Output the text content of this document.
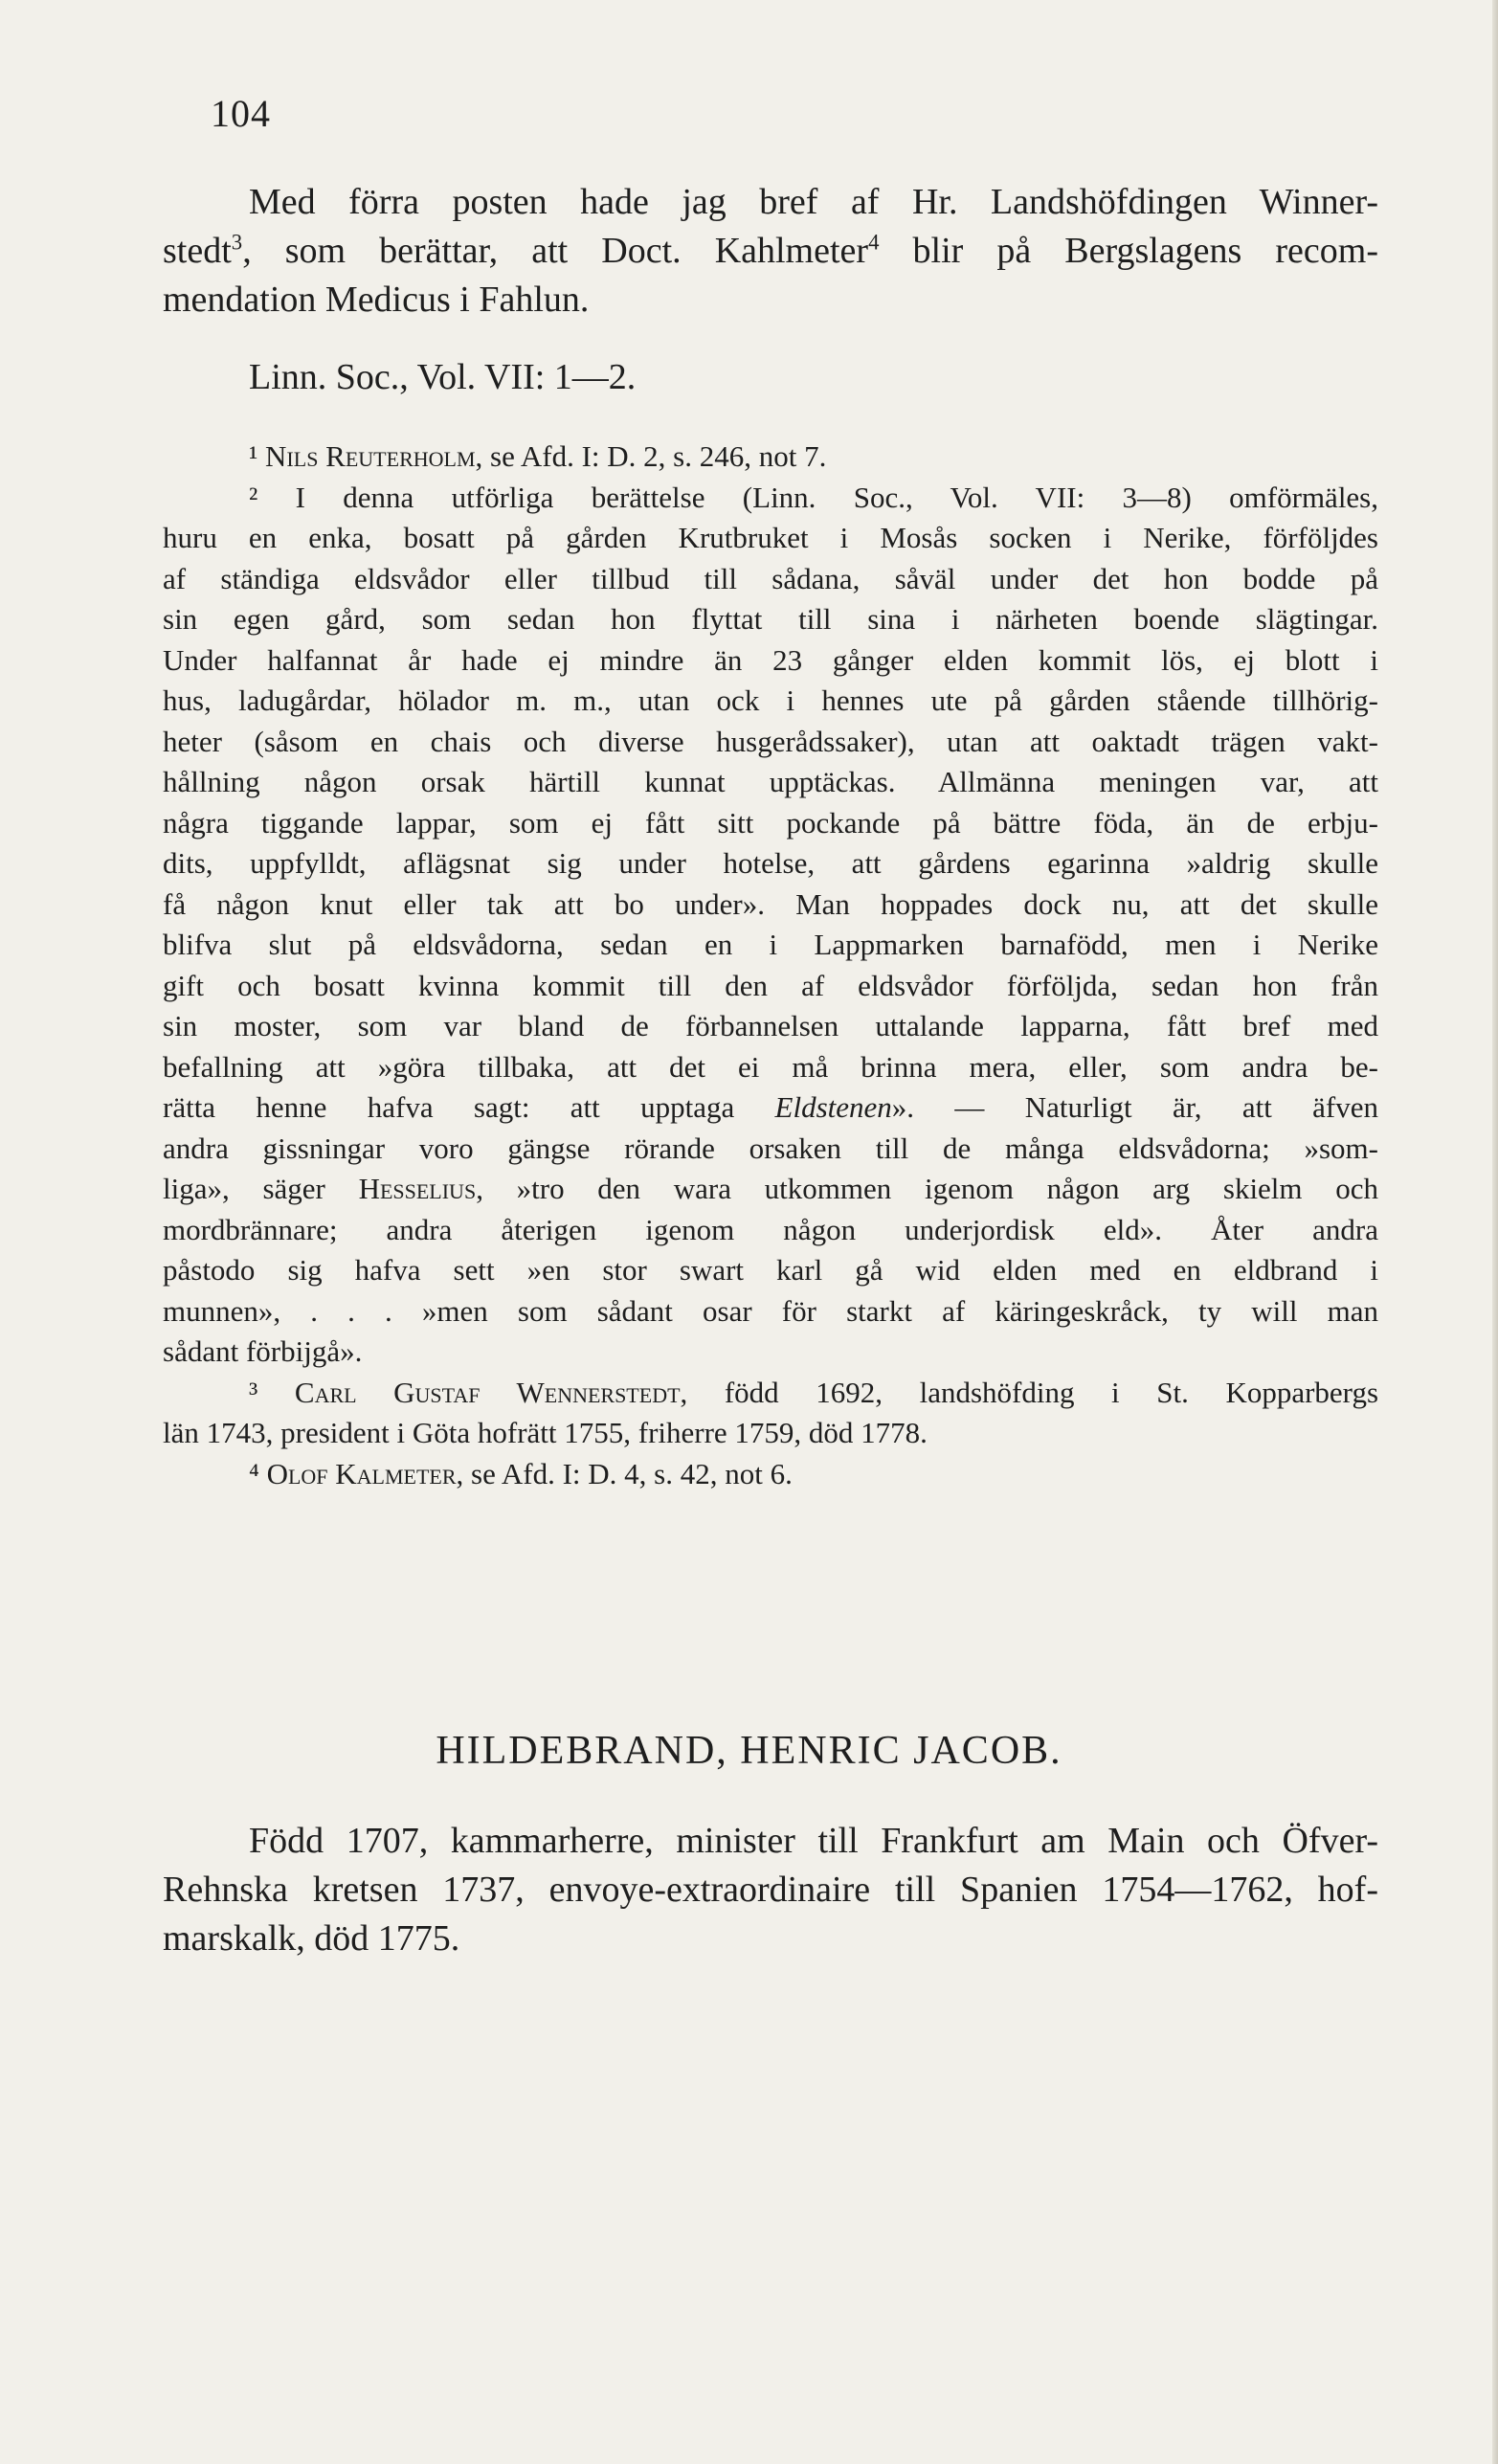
104
Med förra posten hade jag bref af Hr. Landshöfdingen Winner-
stedt$^3$, som berättar, att Doct. Kahlmeter$^4$ blir på Bergslagens recom-
mendation Medicus i Fahlun.
Linn. Soc., Vol. VII: 1—2.
¹ Nils Reuterholm, se Afd. I: D. 2, s. 246, not 7.
² I denna utförliga berättelse (Linn. Soc., Vol. VII: 3—8) omförmäles,
huru en enka, bosatt på gården Krutbruket i Mosås socken i Nerike, förföljdes
af ständiga eldsvådor eller tillbud till sådana, såväl under det hon bodde på
sin egen gård, som sedan hon flyttat till sina i närheten boende slägtingar.
Under halfannat år hade ej mindre än 23 gånger elden kommit lös, ej blott i
hus, ladugårdar, hölador m. m., utan ock i hennes ute på gården stående tillhörig-
heter (såsom en chais och diverse husgerådssaker), utan att oaktadt trägen vakt-
hållning någon orsak härtill kunnat upptäckas. Allmänna meningen var, att
några tiggande lappar, som ej fått sitt pockande på bättre föda, än de erbju-
dits, uppfylldt, aflägsnat sig under hotelse, att gårdens egarinna »aldrig skulle
få någon knut eller tak att bo under». Man hoppades dock nu, att det skulle
blifva slut på eldsvådorna, sedan en i Lappmarken barnafödd, men i Nerike
gift och bosatt kvinna kommit till den af eldsvådor förföljda, sedan hon från
sin moster, som var bland de förbannelsen uttalande lapparna, fått bref med
befallning att »göra tillbaka, att det ei må brinna mera, eller, som andra be-
rätta henne hafva sagt: att upptaga Eldstenen». — Naturligt är, att äfven
andra gissningar voro gängse rörande orsaken till de många eldsvådorna; »som-
liga», säger Hesselius, »tro den wara utkommen igenom någon arg skielm och
mordbrännare; andra återigen igenom någon underjordisk eld». Åter andra
påstodo sig hafva sett »en stor swart karl gå wid elden med en eldbrand i
munnen», . . . »men som sådant osar för starkt af käringeskråck, ty will man
sådant förbijgå».
³ Carl Gustaf Wennerstedt, född 1692, landshöfding i St. Kopparbergs
län 1743, president i Göta hofrätt 1755, friherre 1759, död 1778.
⁴ Olof Kalmeter, se Afd. I: D. 4, s. 42, not 6.
HILDEBRAND, HENRIC JACOB.
Född 1707, kammarherre, minister till Frankfurt am Main och Öfver-
Rehnska kretsen 1737, envoye-extraordinaire till Spanien 1754—1762, hof-
marskalk, död 1775.
